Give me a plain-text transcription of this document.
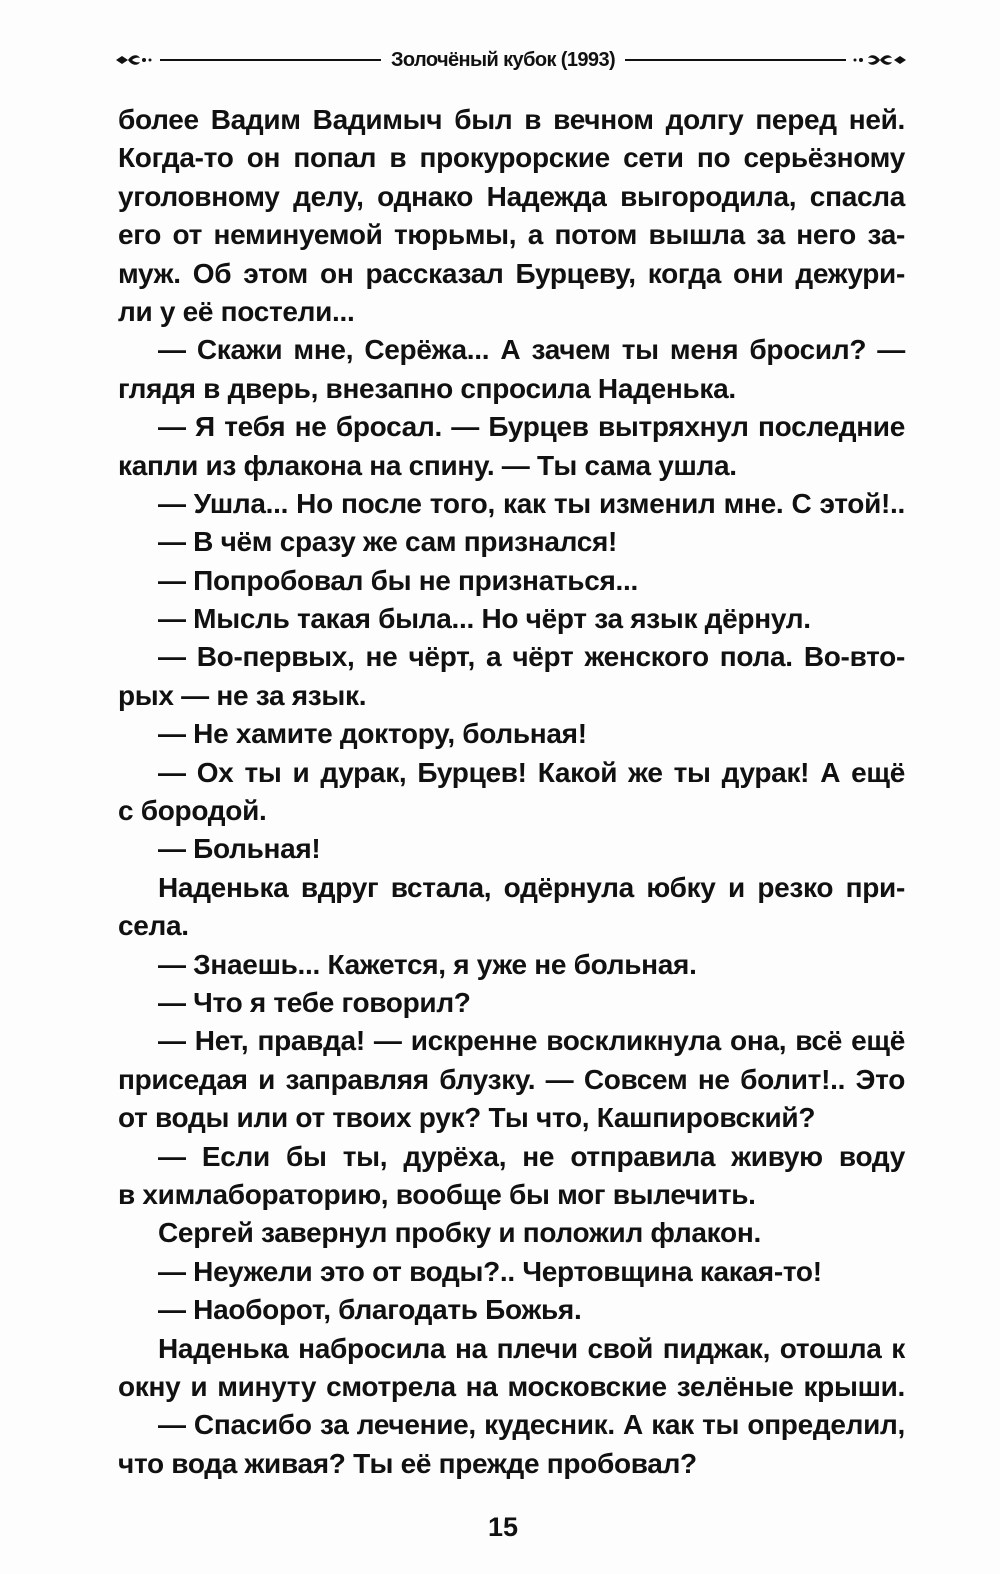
Золочёный кубок (1993)
более Вадим Вадимыч был в вечном долгу перед ней.
Когда-то он попал в прокурорские сети по серьёзному
уголовному делу, однако Надежда выгородила, спасла
его от неминуемой тюрьмы, а потом вышла за него за-
муж. Об этом он рассказал Бурцеву, когда они дежури-
ли у её постели...
— Скажи мне, Серёжа... А зачем ты меня бросил? —
глядя в дверь, внезапно спросила Наденька.
— Я тебя не бросал. — Бурцев вытряхнул последние
капли из флакона на спину. — Ты сама ушла.
— Ушла... Но после того, как ты изменил мне. С этой!..
— В чём сразу же сам признался!
— Попробовал бы не признаться...
— Мысль такая была... Но чёрт за язык дёрнул.
— Во-первых, не чёрт, а чёрт женского пола. Во-вто-
рых — не за язык.
— Не хамите доктору, больная!
— Ох ты и дурак, Бурцев! Какой же ты дурак! А ещё
с бородой.
— Больная!
Наденька вдруг встала, одёрнула юбку и резко при-
села.
— Знаешь... Кажется, я уже не больная.
— Что я тебе говорил?
— Нет, правда! — искренне воскликнула она, всё ещё
приседая и заправляя блузку. — Совсем не болит!.. Это
от воды или от твоих рук? Ты что, Кашпировский?
— Если бы ты, дурёха, не отправила живую воду
в химлабораторию, вообще бы мог вылечить.
Сергей завернул пробку и положил флакон.
— Неужели это от воды?.. Чертовщина какая-то!
— Наоборот, благодать Божья.
Наденька набросила на плечи свой пиджак, отошла к
окну и минуту смотрела на московские зелёные крыши.
— Спасибо за лечение, кудесник. А как ты определил,
что вода живая? Ты её прежде пробовал?
15
